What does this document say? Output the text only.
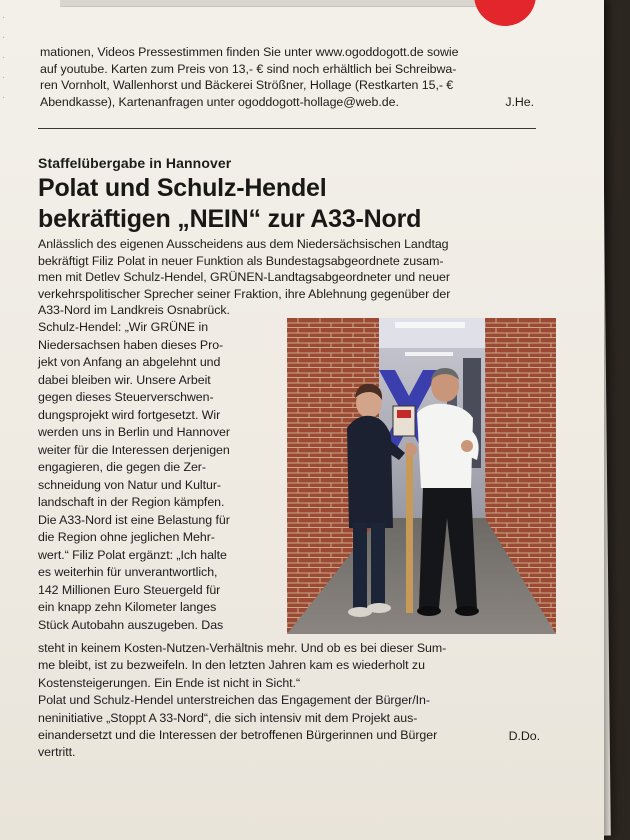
·
·
·
·
·
mationen, Videos Pressestimmen finden Sie unter www.ogoddogott.de sowie
auf youtube. Karten zum Preis von 13,- € sind noch erhältlich bei Schreibwa-
ren Vornholt, Wallenhorst und Bäckerei Strößner, Hollage (Restkarten 15,- €
Abendkasse), Kartenanfragen unter ogoddogott-hollage@web.de.	J.He.
Staffelübergabe in Hannover
Polat und Schulz-Hendel
bekräftigen „NEIN“ zur A33-Nord
Anlässlich des eigenen Ausscheidens aus dem Niedersächsischen Landtag
bekräftigt Filiz Polat in neuer Funktion als Bundestagsabgeordnete zusam-
men mit Detlev Schulz-Hendel, GRÜNEN-Landtagsabgeordneter und neuer
verkehrspolitischer Sprecher seiner Fraktion, ihre Ablehnung gegenüber der
A33-Nord im Landkreis Osnabrück.
Schulz-Hendel: „Wir GRÜNE in
Niedersachsen haben dieses Pro-
jekt von Anfang an abgelehnt und
dabei bleiben wir. Unsere Arbeit
gegen dieses Steuerverschwen-
dungsprojekt wird fortgesetzt. Wir
werden uns in Berlin und Hannover
weiter für die Interessen derjenigen
engagieren, die gegen die Zer-
schneidung von Natur und Kultur-
landschaft in der Region kämpfen.
Die A33-Nord ist eine Belastung für
die Region ohne jeglichen Mehr-
wert.“ Filiz Polat ergänzt: „Ich halte
es weiterhin für unverantwortlich,
142 Millionen Euro Steuergeld für
ein knapp zehn Kilometer langes
Stück Autobahn auszugeben. Das
steht in keinem Kosten-Nutzen-Verhältnis mehr. Und ob es bei dieser Sum-
me bleibt, ist zu bezweifeln. In den letzten Jahren kam es wiederholt zu
Kostensteigerungen. Ein Ende ist nicht in Sicht.“
Polat und Schulz-Hendel unterstreichen das Engagement der Bürger/In-
neninitiative „Stoppt A 33-Nord“, die sich intensiv mit dem Projekt aus-
einandersetzt und die Interessen der betroffenen Bürgerinnen und Bürger
vertritt.
D.Do.
